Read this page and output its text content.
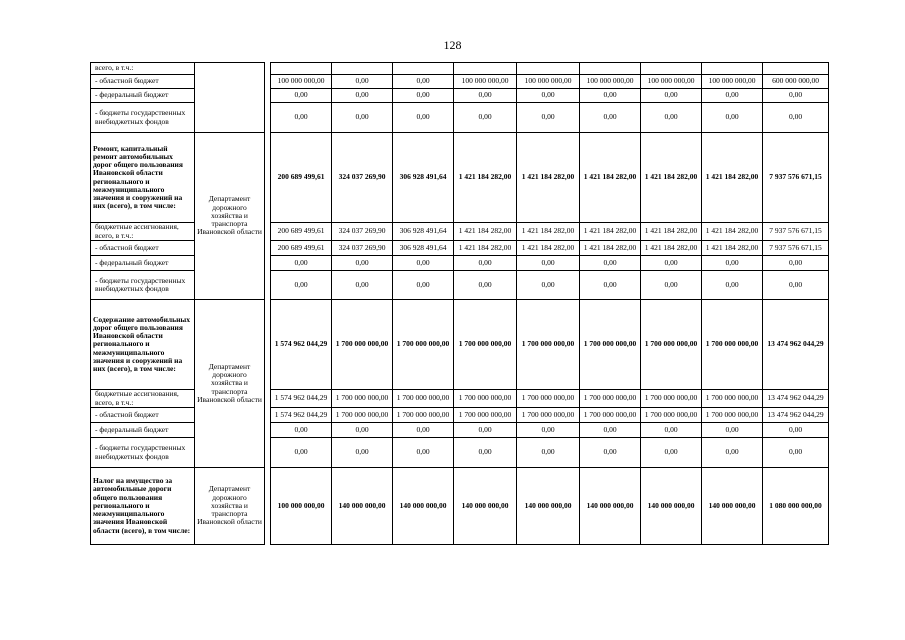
128
всего, в т.ч.:											
- областной бюджет			100 000 000,00	0,00	0,00	100 000 000,00	100 000 000,00	100 000 000,00	100 000 000,00	100 000 000,00	600 000 000,00
- федеральный бюджет			0,00	0,00	0,00	0,00	0,00	0,00	0,00	0,00	0,00
- бюджеты государственных внебюджетных фондов			0,00	0,00	0,00	0,00	0,00	0,00	0,00	0,00	0,00
Ремонт, капитальный ремонт автомобильных дорог общего пользования Ивановской области регионального и межмуниципального значения и сооружений на них (всего), в том числе:	Департамент дорожного хозяйства и транспорта Ивановской области		200 689 499,61	324 037 269,90	306 928 491,64	1 421 184 282,00	1 421 184 282,00	1 421 184 282,00	1 421 184 282,00	1 421 184 282,00	7 937 576 671,15
бюджетные ассигнования, всего, в т.ч.:			200 689 499,61	324 037 269,90	306 928 491,64	1 421 184 282,00	1 421 184 282,00	1 421 184 282,00	1 421 184 282,00	1 421 184 282,00	7 937 576 671,15
- областной бюджет			200 689 499,61	324 037 269,90	306 928 491,64	1 421 184 282,00	1 421 184 282,00	1 421 184 282,00	1 421 184 282,00	1 421 184 282,00	7 937 576 671,15
- федеральный бюджет			0,00	0,00	0,00	0,00	0,00	0,00	0,00	0,00	0,00
- бюджеты государственных внебюджетных фондов			0,00	0,00	0,00	0,00	0,00	0,00	0,00	0,00	0,00
Содержание автомобильных дорог общего пользования Ивановской области регионального и межмуниципального значения и сооружений на них (всего), в том числе:	Департамент дорожного хозяйства и транспорта Ивановской области		1 574 962 044,29	1 700 000 000,00	1 700 000 000,00	1 700 000 000,00	1 700 000 000,00	1 700 000 000,00	1 700 000 000,00	1 700 000 000,00	13 474 962 044,29
бюджетные ассигнования, всего, в т.ч.:			1 574 962 044,29	1 700 000 000,00	1 700 000 000,00	1 700 000 000,00	1 700 000 000,00	1 700 000 000,00	1 700 000 000,00	1 700 000 000,00	13 474 962 044,29
- областной бюджет			1 574 962 044,29	1 700 000 000,00	1 700 000 000,00	1 700 000 000,00	1 700 000 000,00	1 700 000 000,00	1 700 000 000,00	1 700 000 000,00	13 474 962 044,29
- федеральный бюджет			0,00	0,00	0,00	0,00	0,00	0,00	0,00	0,00	0,00
- бюджеты государственных внебюджетных фондов			0,00	0,00	0,00	0,00	0,00	0,00	0,00	0,00	0,00
Налог на имущество за автомобильные дороги общего пользования регионального и межмуниципального значения Ивановской области (всего), в том числе:	Департамент дорожного хозяйства и транспорта Ивановской области		100 000 000,00	140 000 000,00	140 000 000,00	140 000 000,00	140 000 000,00	140 000 000,00	140 000 000,00	140 000 000,00	1 080 000 000,00
